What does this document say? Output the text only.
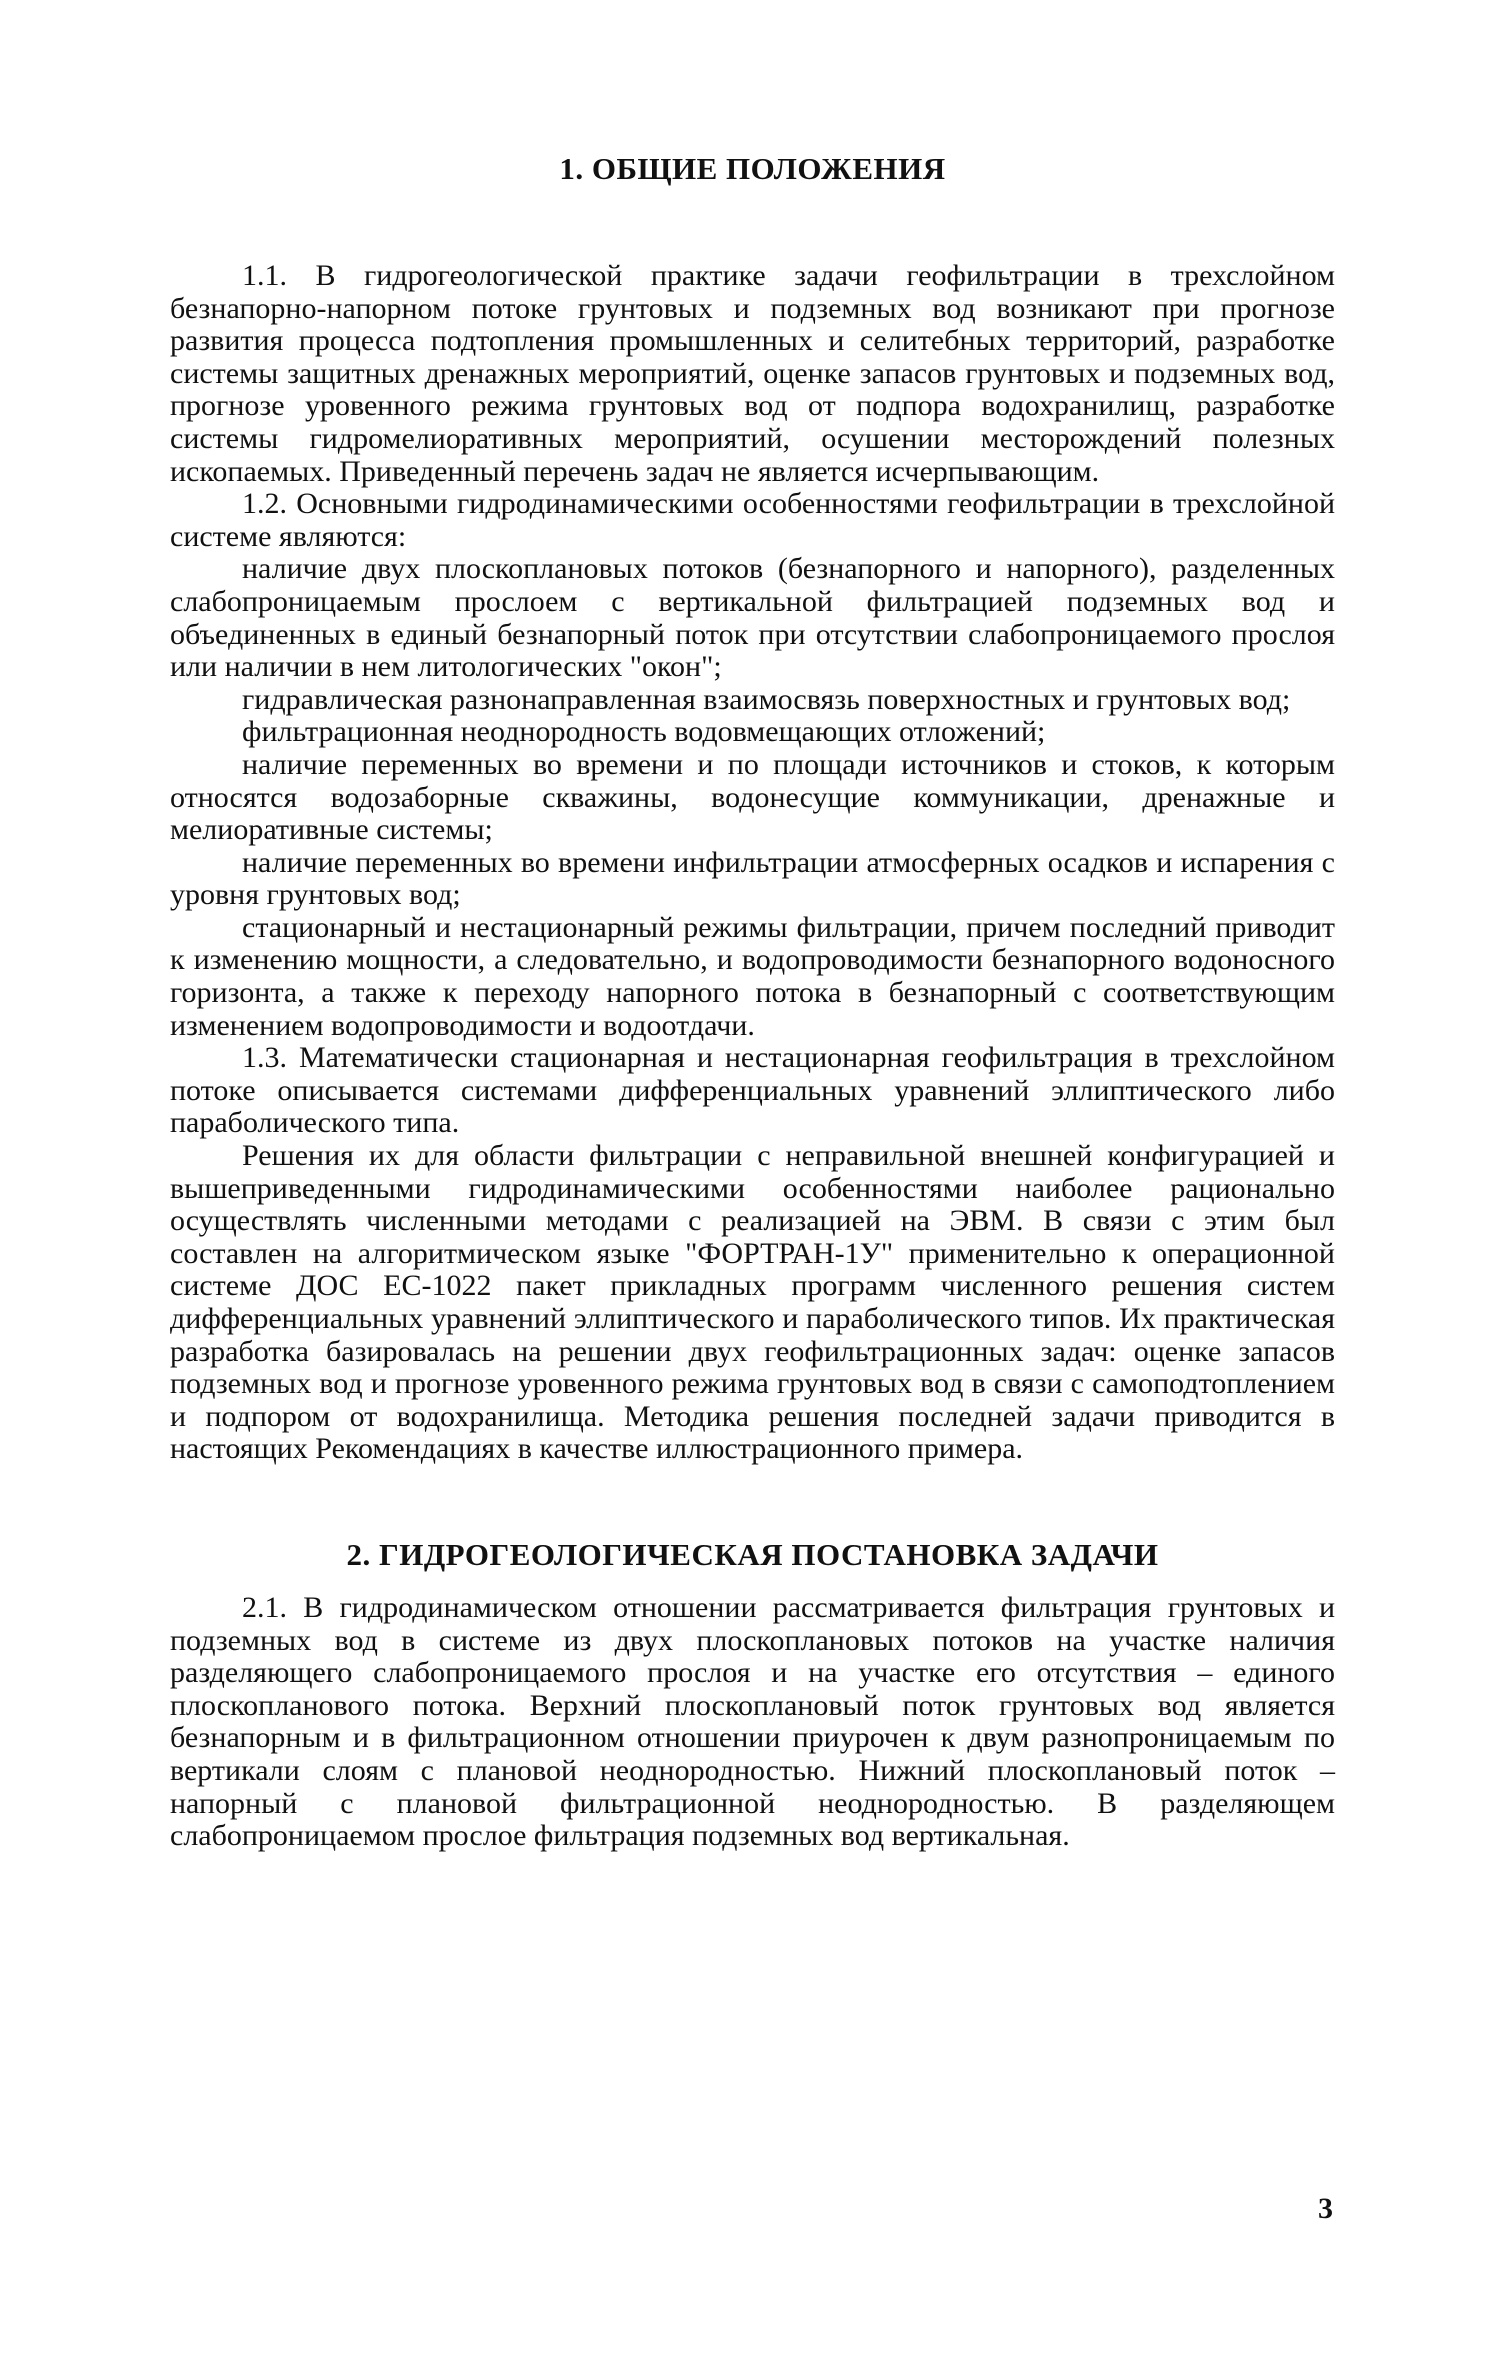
1. ОБЩИЕ ПОЛОЖЕНИЯ

1.1. В гидрогеологической практике задачи геофильтрации в трехслойном безнапорно-напорном потоке грунтовых и подземных вод возникают при прогнозе развития процесса подтопления промышленных и селитебных территорий, разработке системы защитных дренажных мероприятий, оценке запасов грунтовых и подземных вод, прогнозе уровенного режима грунтовых вод от подпора водохранилищ, разработке системы гидромелиоративных мероприятий, осушении месторождений полезных ископаемых. Приведенный перечень задач не является исчерпывающим.

1.2. Основными гидродинамическими особенностями геофильтрации в трехслойной системе являются:

наличие двух плоскоплановых потоков (безнапорного и напорного), разделенных слабопроницаемым прослоем с вертикальной фильтрацией подземных вод и объединенных в единый безнапорный поток при отсутствии слабопроницаемого прослоя или наличии в нем литологических "окон";

гидравлическая разнонаправленная взаимосвязь поверхностных и грунтовых вод;

фильтрационная неоднородность водовмещающих отложений;

наличие переменных во времени и по площади источников и стоков, к которым относятся водозаборные скважины, водонесущие коммуникации, дренажные и мелиоративные системы;

наличие переменных во времени инфильтрации атмосферных осадков и испарения с уровня грунтовых вод;

стационарный и нестационарный режимы фильтрации, причем последний приводит к изменению мощности, а следовательно, и водопроводимости безнапорного водоносного горизонта, а также к переходу напорного потока в безнапорный с соответствующим изменением водопроводимости и водоотдачи.

1.3. Математически стационарная и нестационарная геофильтрация в трехслойном потоке описывается системами дифференциальных уравнений эллиптического либо параболического типа.

Решения их для области фильтрации с неправильной внешней конфигурацией и вышеприведенными гидродинамическими особенностями наиболее рационально осуществлять численными методами с реализацией на ЭВМ. В связи с этим был составлен на алгоритмическом языке "ФОРТРАН-1У" применительно к операционной системе ДОС ЕС-1022 пакет прикладных программ численного решения систем дифференциальных уравнений эллиптического и параболического типов. Их практическая разработка базировалась на решении двух геофильтрационных задач: оценке запасов подземных вод и прогнозе уровенного режима грунтовых вод в связи с самоподтоплением и подпором от водохранилища. Методика решения последней задачи приводится в настоящих Рекомендациях в качестве иллюстрационного примера.

2. ГИДРОГЕОЛОГИЧЕСКАЯ ПОСТАНОВКА ЗАДАЧИ

2.1. В гидродинамическом отношении рассматривается фильтрация грунтовых и подземных вод в системе из двух плоскоплановых потоков на участке наличия разделяющего слабопроницаемого прослоя и на участке его отсутствия – единого плоскопланового потока. Верхний плоскоплановый поток грунтовых вод является безнапорным и в фильтрационном отношении приурочен к двум разнопроницаемым по вертикали слоям с плановой неоднородностью. Нижний плоскоплановый поток – напорный с плановой фильтрационной неоднородностью. В разделяющем слабопроницаемом прослое фильтрация подземных вод вертикальная.

3
